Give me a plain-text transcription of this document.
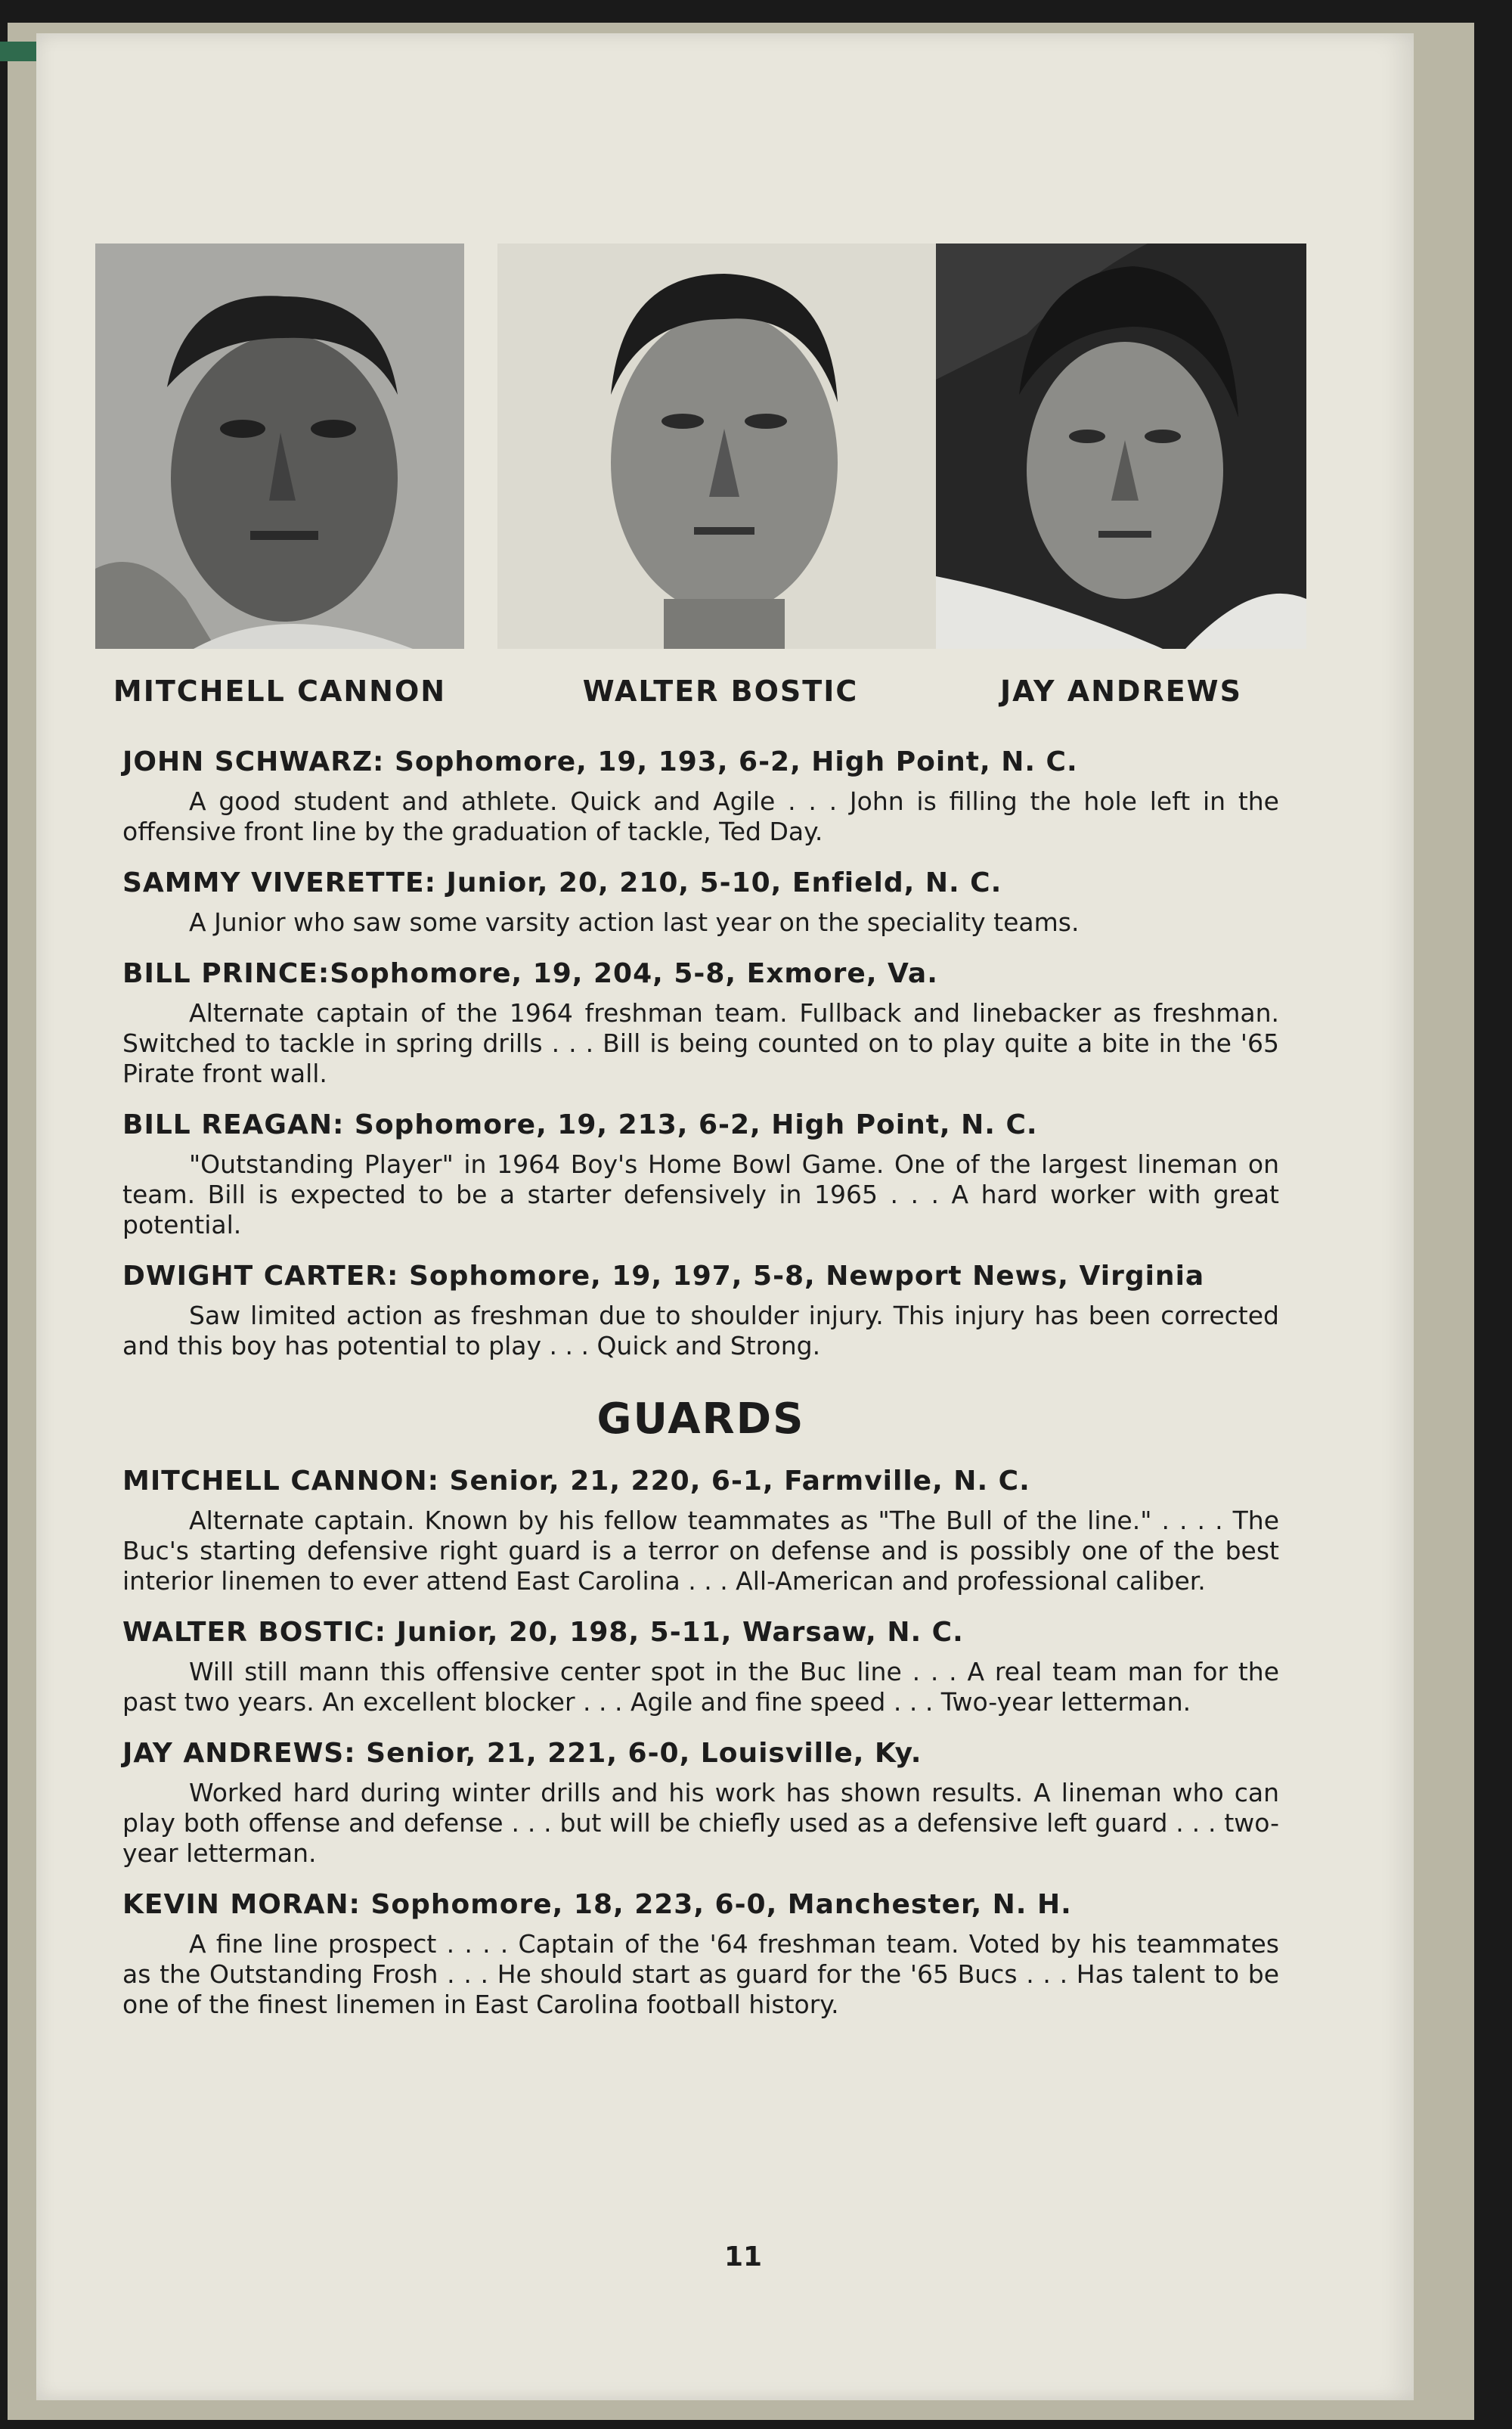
MITCHELL CANNON	WALTER BOSTIC	JAY ANDREWS
JOHN SCHWARZ: Sophomore, 19, 193, 6-2, High Point, N. C.

A good student and athlete. Quick and Agile . . . John is filling the hole left in the offensive front line by the graduation of tackle, Ted Day.

SAMMY VIVERETTE: Junior, 20, 210, 5-10, Enfield, N. C.

A Junior who saw some varsity action last year on the speciality teams.

BILL PRINCE:Sophomore, 19, 204, 5-8, Exmore, Va.

Alternate captain of the 1964 freshman team. Fullback and linebacker as freshman. Switched to tackle in spring drills . . . Bill is being counted on to play quite a bite in the '65 Pirate front wall.

BILL REAGAN: Sophomore, 19, 213, 6-2, High Point, N. C.

"Outstanding Player" in 1964 Boy's Home Bowl Game. One of the largest lineman on team. Bill is expected to be a starter defensively in 1965 . . . A hard worker with great potential.

DWIGHT CARTER: Sophomore, 19, 197, 5-8, Newport News, Virginia

Saw limited action as freshman due to shoulder injury. This injury has been corrected and this boy has potential to play . . . Quick and Strong.

GUARDS
MITCHELL CANNON: Senior, 21, 220, 6-1, Farmville, N. C.

Alternate captain. Known by his fellow teammates as "The Bull of the line." . . . . The Buc's starting defensive right guard is a terror on defense and is possibly one of the best interior linemen to ever attend East Carolina . . . All-American and professional caliber.

WALTER BOSTIC: Junior, 20, 198, 5-11, Warsaw, N. C.

Will still mann this offensive center spot in the Buc line . . . A real team man for the past two years. An excellent blocker . . . Agile and fine speed . . . Two-year letterman.

JAY ANDREWS: Senior, 21, 221, 6-0, Louisville, Ky.

Worked hard during winter drills and his work has shown results. A lineman who can play both offense and defense . . . but will be chiefly used as a defensive left guard . . . two-year letterman.

KEVIN MORAN: Sophomore, 18, 223, 6-0, Manchester, N. H.

A fine line prospect . . . . Captain of the '64 freshman team. Voted by his teammates as the Outstanding Frosh . . . He should start as guard for the '65 Bucs . . . Has talent to be one of the finest linemen in East Carolina football history.

11
